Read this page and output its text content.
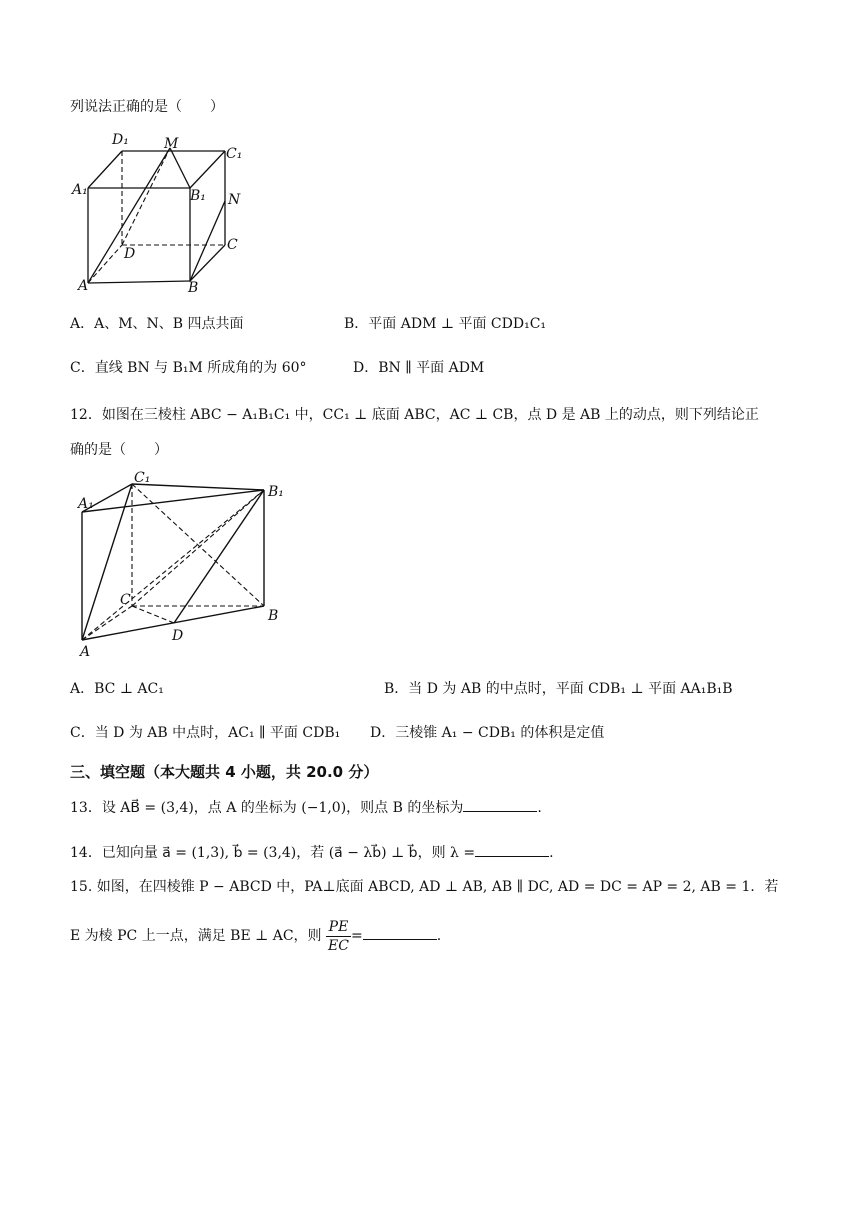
列说法正确的是（　　）
D₁	M
C₁
A₁	B₁ N
C
D
A	B
A．A、M、N、B 四点共面	B．平面 ADM ⊥ 平面 CDD₁C₁
C．直线 BN 与 B₁M 所成角的为 60°	D．BN ∥ 平面 ADM
12．如图在三棱柱 ABC − A₁B₁C₁ 中，CC₁ ⊥ 底面 ABC，AC ⊥ CB，点 D 是 AB 上的动点，则下列结论正
确的是（　　）
A₁
C₁
B₁
C
B
D
A
A．BC ⊥ AC₁	B．当 D 为 AB 的中点时，平面 CDB₁ ⊥ 平面 AA₁B₁B
C．当 D 为 AB 中点时，AC₁ ∥ 平面 CDB₁ D．三棱锥 A₁ − CDB₁ 的体积是定值
三、填空题（本大题共 4 小题，共 20.0 分）
13．设 AB⃗ = (3,4)，点 A 的坐标为 (−1,0)，则点 B 的坐标为	.
14．已知向量 a⃗ = (1,3), b⃗ = (3,4)，若 (a⃗ − λb⃗) ⊥ b⃗，则 λ =	.
15. 如图，在四棱锥 P − ABCD 中，PA⊥底面 ABCD, AD ⊥ AB, AB ∥ DC, AD = DC = AP = 2, AB = 1．若
E 为棱 PC 上一点，满足 BE ⊥ AC，则 $\frac{PE}{EC}$ =	.
